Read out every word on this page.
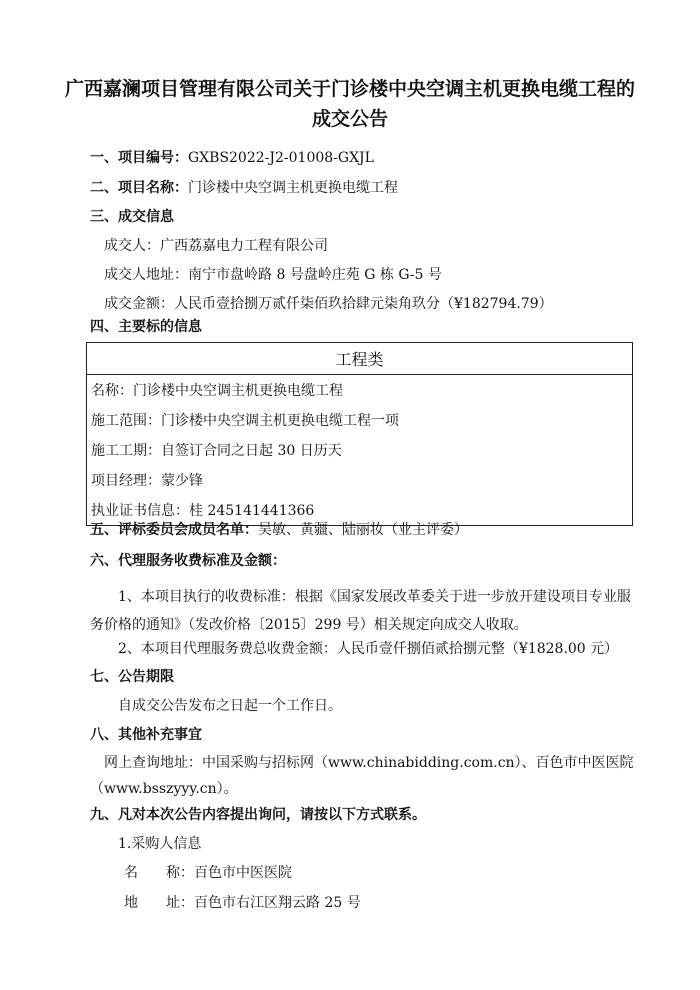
广西嘉澜项目管理有限公司关于门诊楼中央空调主机更换电缆工程的
成交公告
一、项目编号：GXBS2022-J2-01008-GXJL
二、项目名称：门诊楼中央空调主机更换电缆工程
三、成交信息
成交人：广西荔嘉电力工程有限公司
成交人地址：南宁市盘岭路 8 号盘岭庄苑 G 栋 G-5 号
成交金额：人民币壹拾捌万贰仟柒佰玖拾肆元柒角玖分（¥182794.79）
四、主要标的信息
工程类
名称：门诊楼中央空调主机更换电缆工程
施工范围：门诊楼中央空调主机更换电缆工程一项
施工工期：自签订合同之日起 30 日历天
项目经理：蒙少锋
执业证书信息：桂 245141441366
五、评标委员会成员名单：吴敏、黄疆、陆丽妆（业主评委）
六、代理服务收费标准及金额：
1、本项目执行的收费标准：根据《国家发展改革委关于进一步放开建设项目专业服务价格的通知》（发改价格〔2015〕299 号）相关规定向成交人收取。
2、本项目代理服务费总收费金额：人民币壹仟捌佰贰拾捌元整（¥1828.00 元）
七、公告期限
自成交公告发布之日起一个工作日。
八、其他补充事宜
网上查询地址：中国采购与招标网（www.chinabidding.com.cn）、百色市中医医院（www.bsszyyy.cn）。
九、凡对本次公告内容提出询问，请按以下方式联系。
1.采购人信息
名　　称：百色市中医医院
地　　址：百色市右江区翔云路 25 号
